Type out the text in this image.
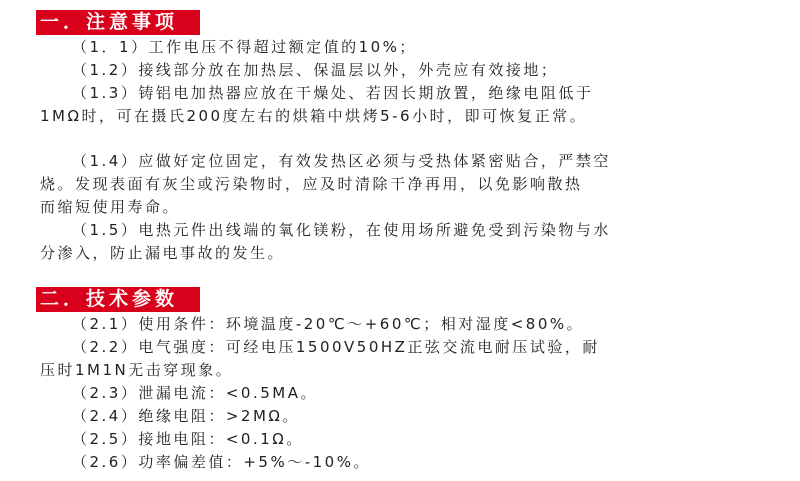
一．注意事项
（1．1）工作电压不得超过额定值的10%；
（1.2）接线部分放在加热层、保温层以外，外壳应有效接地；
（1.3）铸铝电加热器应放在干燥处、若因长期放置，绝缘电阻低于
1MΩ时，可在摄氏200度左右的烘箱中烘烤5-6小时，即可恢复正常。
（1.4）应做好定位固定，有效发热区必须与受热体紧密贴合，严禁空
烧。发现表面有灰尘或污染物时，应及时清除干净再用，以免影响散热
而缩短使用寿命。
（1.5）电热元件出线端的氧化镁粉，在使用场所避免受到污染物与水
分渗入，防止漏电事故的发生。
二．技术参数
（2.1）使用条件：环境温度-20℃～+60℃；相对湿度<80%。
（2.2）电气强度：可经电压1500V50HZ正弦交流电耐压试验，耐
压时1M1N无击穿现象。
（2.3）泄漏电流：<0.5MA。
（2.4）绝缘电阻：>2MΩ。
（2.5）接地电阻：<0.1Ω。
（2.6）功率偏差值：+5%～-10%。
